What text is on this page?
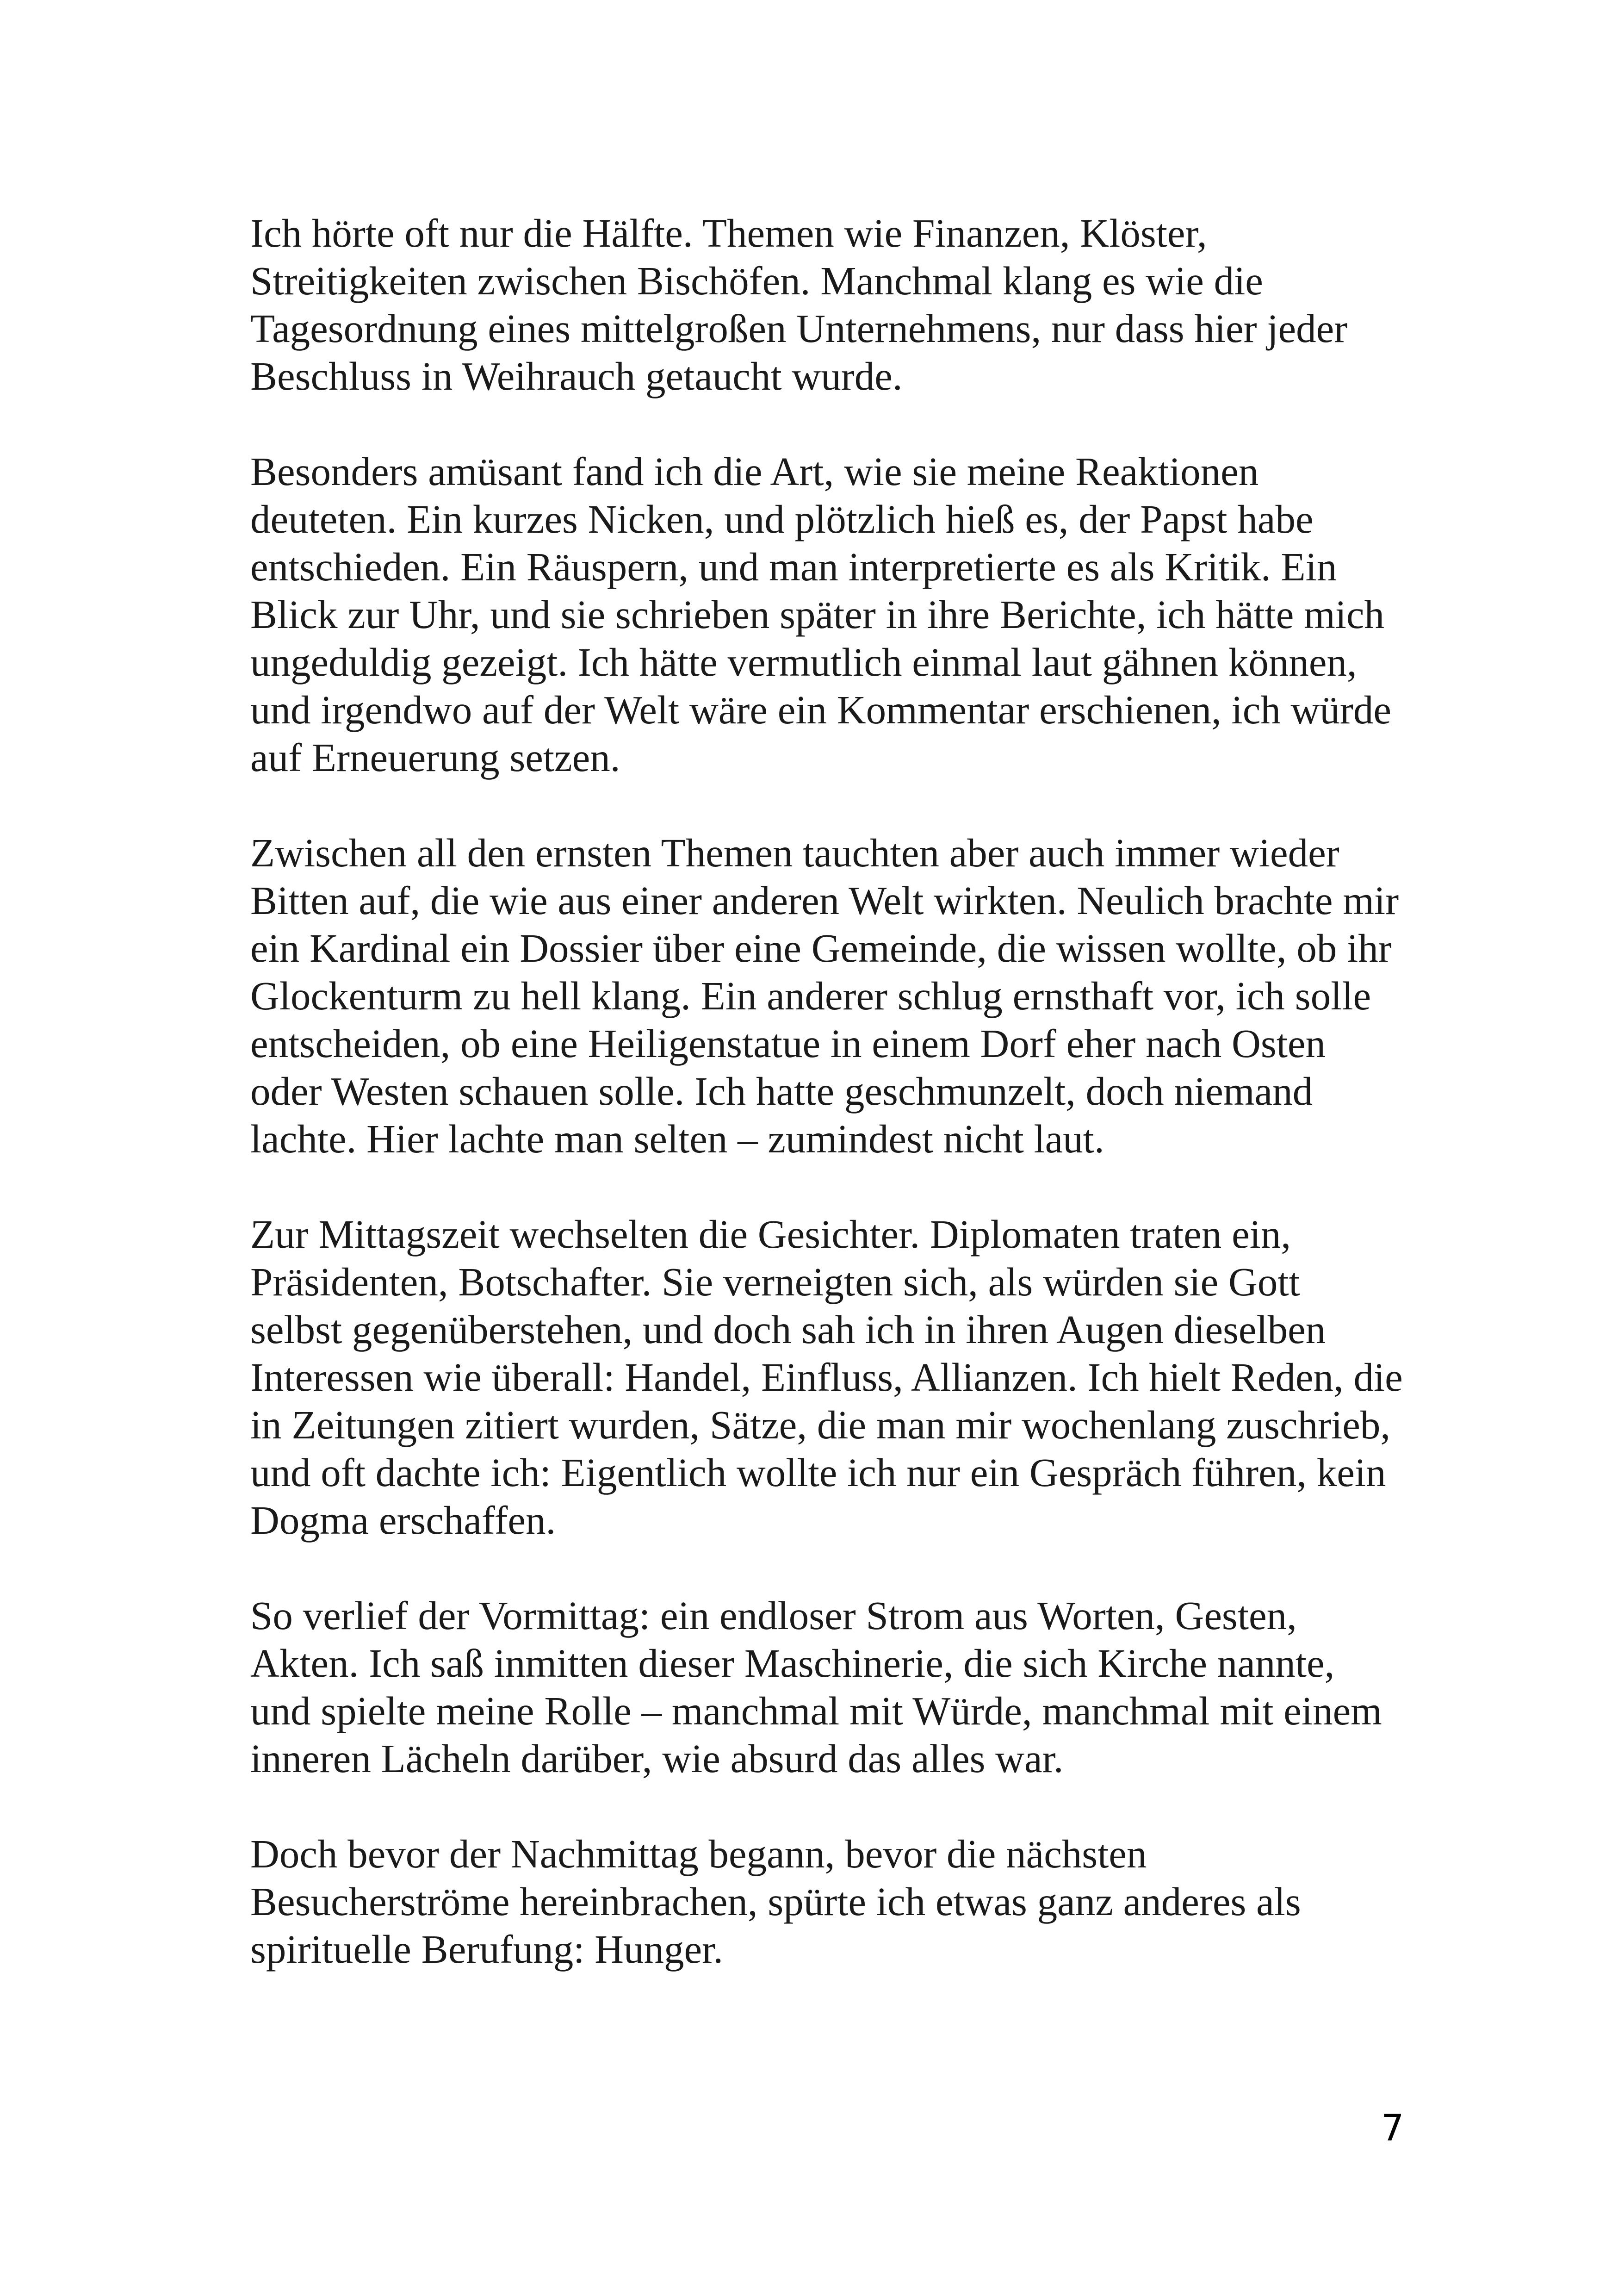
Ich hörte oft nur die Hälfte. Themen wie Finanzen, Klöster,
Streitigkeiten zwischen Bischöfen. Manchmal klang es wie die
Tagesordnung eines mittelgroßen Unternehmens, nur dass hier jeder
Beschluss in Weihrauch getaucht wurde.

Besonders amüsant fand ich die Art, wie sie meine Reaktionen
deuteten. Ein kurzes Nicken, und plötzlich hieß es, der Papst habe
entschieden. Ein Räuspern, und man interpretierte es als Kritik. Ein
Blick zur Uhr, und sie schrieben später in ihre Berichte, ich hätte mich
ungeduldig gezeigt. Ich hätte vermutlich einmal laut gähnen können,
und irgendwo auf der Welt wäre ein Kommentar erschienen, ich würde
auf Erneuerung setzen.

Zwischen all den ernsten Themen tauchten aber auch immer wieder
Bitten auf, die wie aus einer anderen Welt wirkten. Neulich brachte mir
ein Kardinal ein Dossier über eine Gemeinde, die wissen wollte, ob ihr
Glockenturm zu hell klang. Ein anderer schlug ernsthaft vor, ich solle
entscheiden, ob eine Heiligenstatue in einem Dorf eher nach Osten
oder Westen schauen solle. Ich hatte geschmunzelt, doch niemand
lachte. Hier lachte man selten – zumindest nicht laut.

Zur Mittagszeit wechselten die Gesichter. Diplomaten traten ein,
Präsidenten, Botschafter. Sie verneigten sich, als würden sie Gott
selbst gegenüberstehen, und doch sah ich in ihren Augen dieselben
Interessen wie überall: Handel, Einfluss, Allianzen. Ich hielt Reden, die
in Zeitungen zitiert wurden, Sätze, die man mir wochenlang zuschrieb,
und oft dachte ich: Eigentlich wollte ich nur ein Gespräch führen, kein
Dogma erschaffen.

So verlief der Vormittag: ein endloser Strom aus Worten, Gesten,
Akten. Ich saß inmitten dieser Maschinerie, die sich Kirche nannte,
und spielte meine Rolle – manchmal mit Würde, manchmal mit einem
inneren Lächeln darüber, wie absurd das alles war.

Doch bevor der Nachmittag begann, bevor die nächsten
Besucherströme hereinbrachen, spürte ich etwas ganz anderes als
spirituelle Berufung: Hunger.

7
